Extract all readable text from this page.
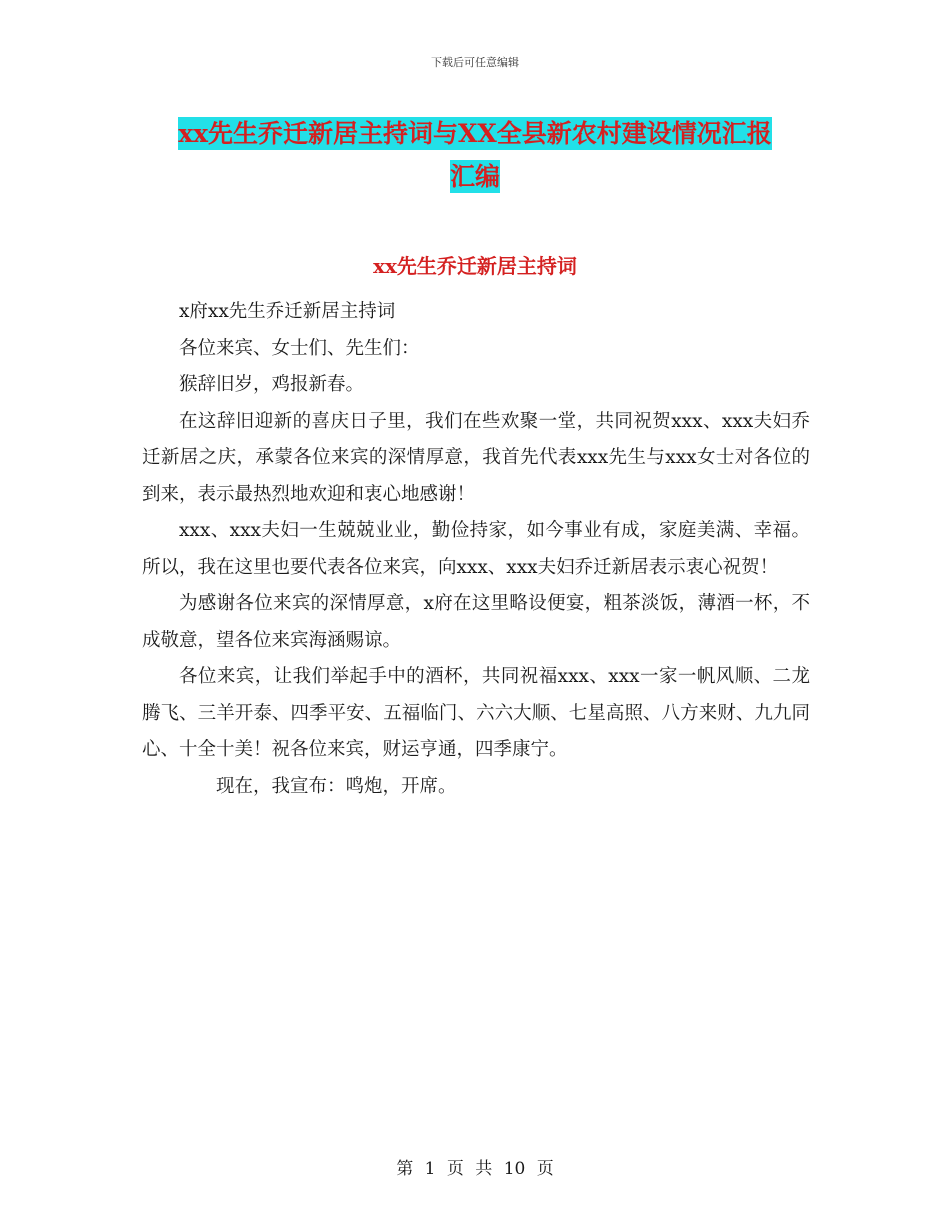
下载后可任意编辑
xx先生乔迁新居主持词与XX全县新农村建设情况汇报
汇编
xx先生乔迁新居主持词

x府xx先生乔迁新居主持词

各位来宾、女士们、先生们：

猴辞旧岁，鸡报新春。

在这辞旧迎新的喜庆日子里，我们在些欢聚一堂，共同祝贺xxx、xxx夫妇乔迁新居之庆，承蒙各位来宾的深情厚意，我首先代表xxx先生与xxx女士对各位的到来，表示最热烈地欢迎和衷心地感谢！

xxx、xxx夫妇一生兢兢业业，勤俭持家，如今事业有成，家庭美满、幸福。所以，我在这里也要代表各位来宾，向xxx、xxx夫妇乔迁新居表示衷心祝贺！

为感谢各位来宾的深情厚意，x府在这里略设便宴，粗茶淡饭，薄酒一杯，不成敬意，望各位来宾海涵赐谅。

各位来宾，让我们举起手中的酒杯，共同祝福xxx、xxx一家一帆风顺、二龙腾飞、三羊开泰、四季平安、五福临门、六六大顺、七星高照、八方来财、九九同心、十全十美！祝各位来宾，财运亨通，四季康宁。

现在，我宣布：鸣炮，开席。

第 1 页 共 10 页
